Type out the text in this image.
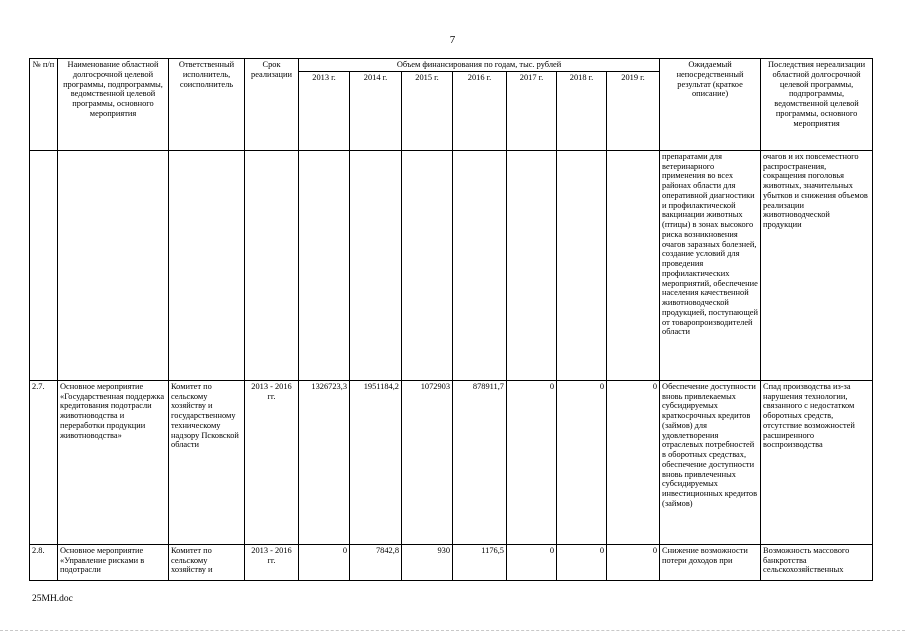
7
№ п/п	Наименование областной долгосрочной целевой программы, подпрограммы, ведомственной целевой программы, основного мероприятия	Ответственный исполнитель, соисполнитель	Срок реализации	Объем финансирования по годам, тыс. рублей							Ожидаемый непосредственный результат (краткое описание)	Последствия нереализации областной долгосрочной целевой программы, подпрограммы, ведомственной целевой программы, основного мероприятия
				2013 г.	2014 г.	2015 г.	2016 г.	2017 г.	2018 г.	2019 г.		
											препаратами для ветеринарного применения во всех районах области для оперативной диагностики и профилактической вакцинации животных (птицы) в зонах высокого риска возникновения очагов заразных болезней, создание условий для проведения профилактических мероприятий, обеспечение населения качественной животноводческой продукцией, поступающей от товаропроизводителей области	очагов и их повсеместного распространения, сокращения поголовья животных, значительных убытков и снижения объемов реализации животноводческой продукции
2.7.	Основное мероприятие «Государственная поддержка кредитования подотрасли животноводства и переработки продукции животноводства»	Комитет по сельскому хозяйству и государственному техническому надзору Псковской области	2013 - 2016 гг.	1326723,3	1951184,2	1072903	878911,7	0	0	0	Обеспечение доступности вновь привлекаемых субсидируемых краткосрочных кредитов (займов) для удовлетворения отраслевых потребностей в оборотных средствах, обеспечение доступности вновь привлеченных субсидируемых инвестиционных кредитов (займов)	Спад производства из-за нарушения технологии, связанного с недостатком оборотных средств, отсутствие возможностей расширенного воспроизводства
2.8.	Основное мероприятие «Управление рисками в подотрасли	Комитет по сельскому хозяйству и	2013 - 2016 гг.	0	7842,8	930	1176,5	0	0	0	Снижение возможности потери доходов при	Возможность массового банкротства сельскохозяйственных
25МН.doc
